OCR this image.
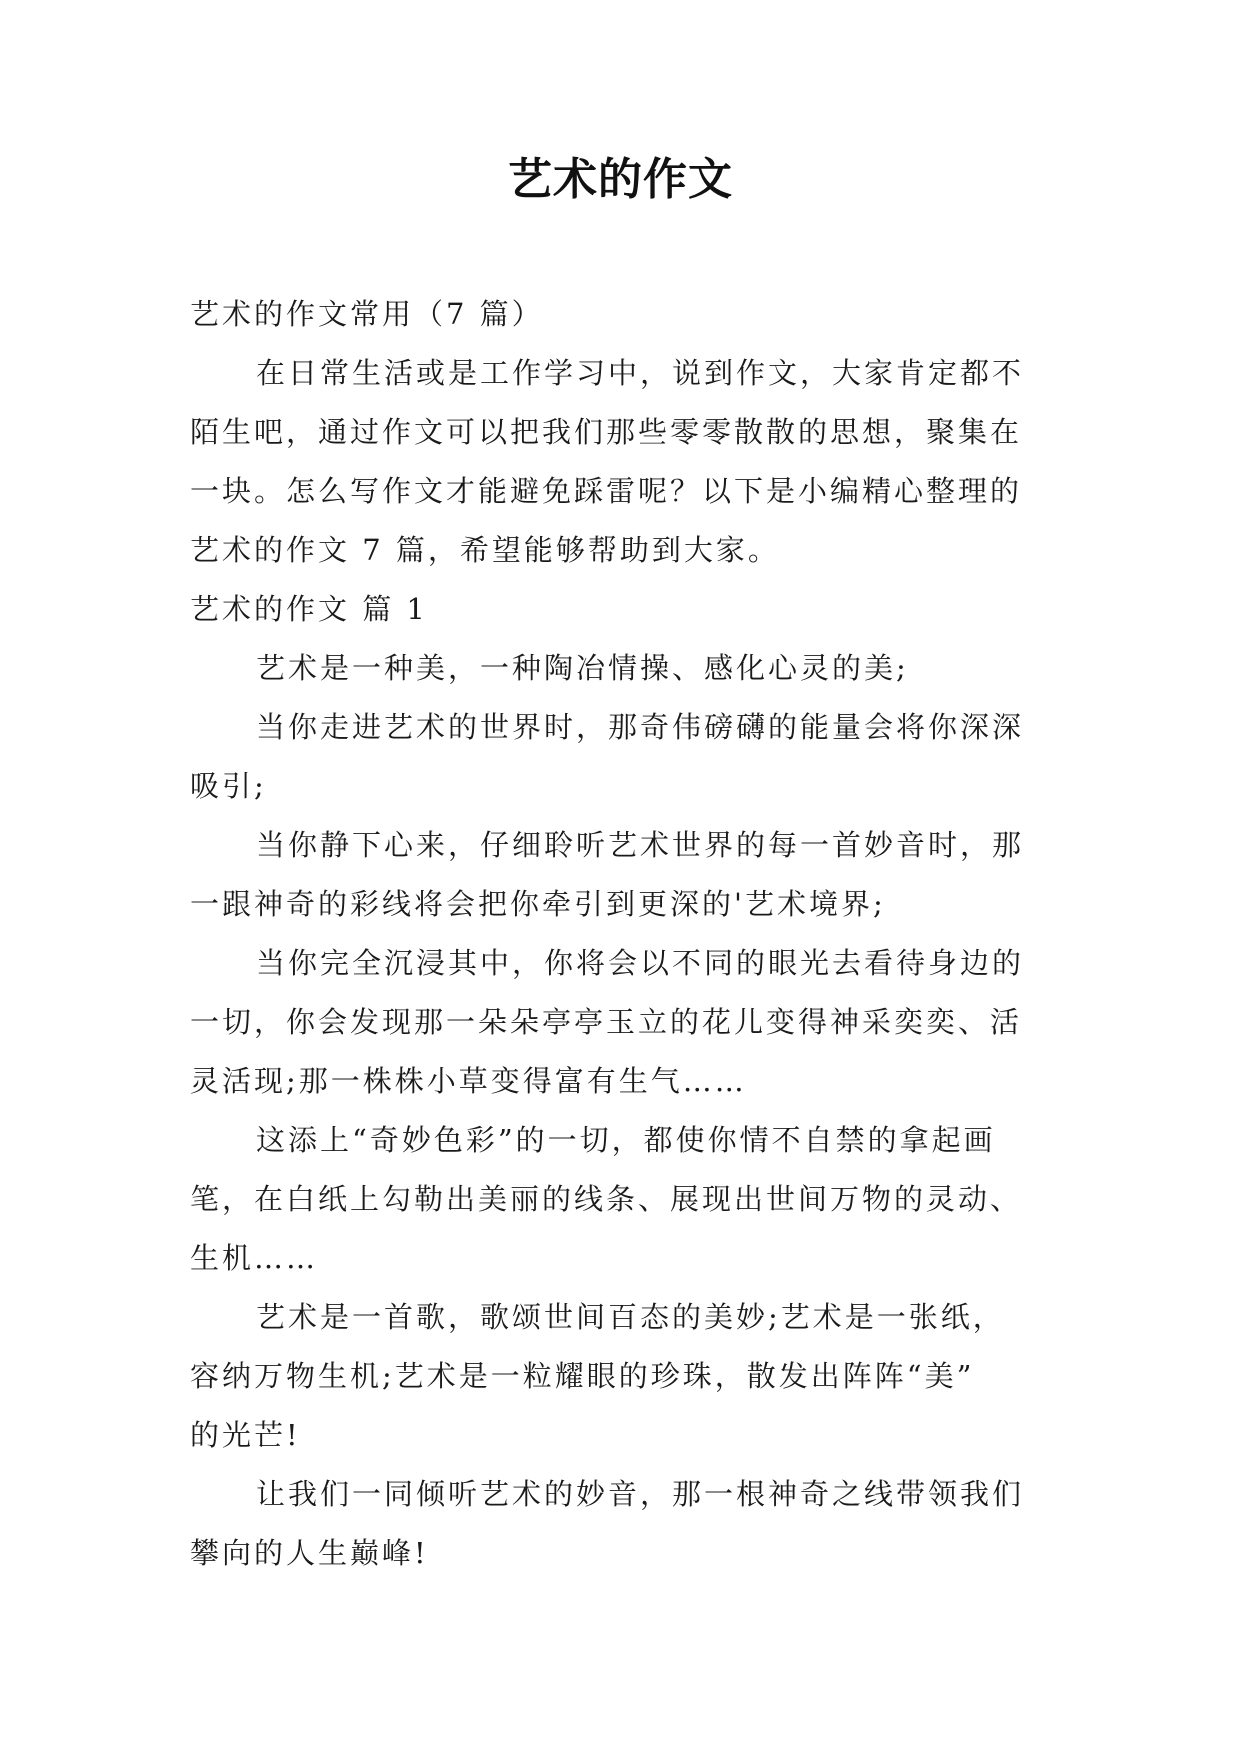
艺术的作文
艺术的作文常用（7 篇）
在日常生活或是工作学习中，说到作文，大家肯定都不
陌生吧，通过作文可以把我们那些零零散散的思想，聚集在
一块。怎么写作文才能避免踩雷呢？以下是小编精心整理的
艺术的作文 7 篇，希望能够帮助到大家。
艺术的作文 篇 1
艺术是一种美，一种陶冶情操、感化心灵的美;
当你走进艺术的世界时，那奇伟磅礴的能量会将你深深
吸引;
当你静下心来，仔细聆听艺术世界的每一首妙音时，那
一跟神奇的彩线将会把你牵引到更深的'艺术境界;
当你完全沉浸其中，你将会以不同的眼光去看待身边的
一切，你会发现那一朵朵亭亭玉立的花儿变得神采奕奕、活
灵活现;那一株株小草变得富有生气……
这添上“奇妙色彩”的一切，都使你情不自禁的拿起画
笔，在白纸上勾勒出美丽的线条、展现出世间万物的灵动、
生机……
艺术是一首歌，歌颂世间百态的美妙;艺术是一张纸，
容纳万物生机;艺术是一粒耀眼的珍珠，散发出阵阵“美”
的光芒!
让我们一同倾听艺术的妙音，那一根神奇之线带领我们
攀向的人生巅峰!
